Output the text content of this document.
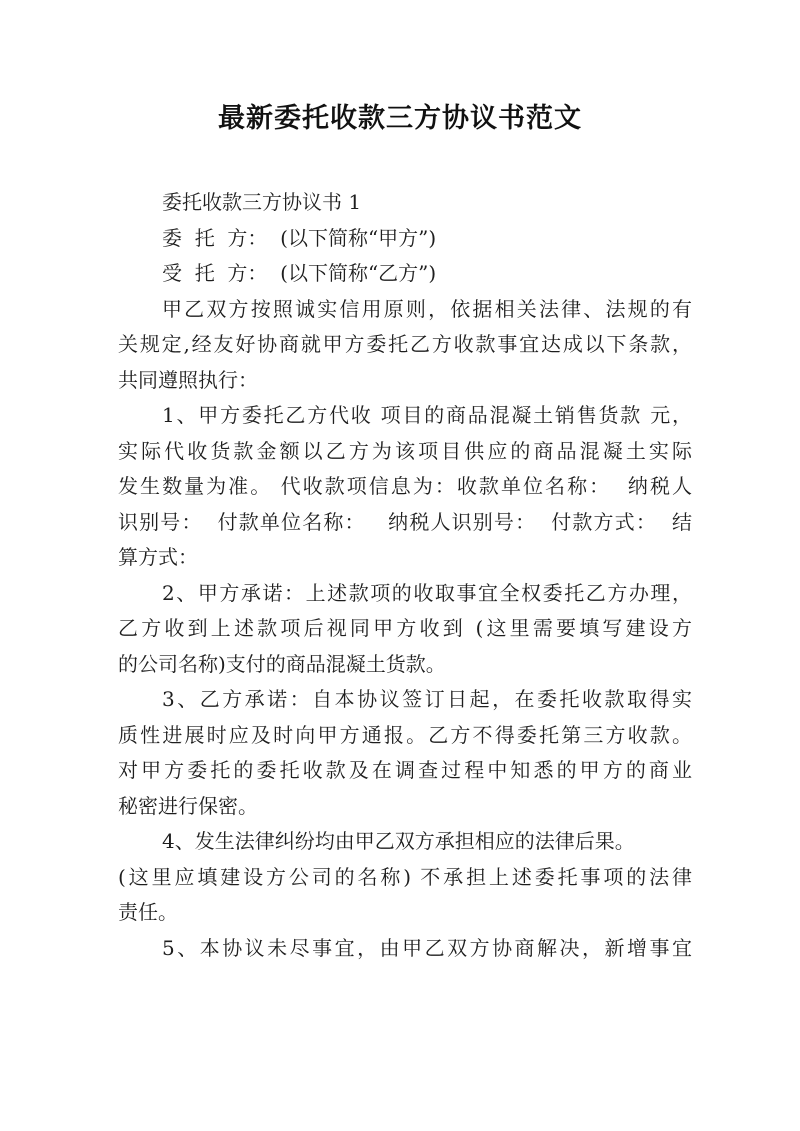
最新委托收款三方协议书范文
委托收款三方协议书 1
委  托  方：  (以下简称“甲方”)
受  托  方：  (以下简称“乙方”)
甲乙双方按照诚实信用原则，依据相关法律、法规的有
关规定,经友好协商就甲方委托乙方收款事宜达成以下条款，
共同遵照执行：
1、甲方委托乙方代收 项目的商品混凝土销售货款 元，
实际代收货款金额以乙方为该项目供应的商品混凝土实际
发生数量为准。 代收款项信息为：收款单位名称：  纳税人
识别号：  付款单位名称：   纳税人识别号：  付款方式：  结
算方式：
2、甲方承诺：上述款项的收取事宜全权委托乙方办理，
乙方收到上述款项后视同甲方收到 (这里需要填写建设方
的公司名称)支付的商品混凝土货款。
3、乙方承诺：自本协议签订日起，在委托收款取得实
质性进展时应及时向甲方通报。乙方不得委托第三方收款。
对甲方委托的委托收款及在调查过程中知悉的甲方的商业
秘密进行保密。
4、发生法律纠纷均由甲乙双方承担相应的法律后果。
(这里应填建设方公司的名称) 不承担上述委托事项的法律
责任。
5、本协议未尽事宜，由甲乙双方协商解决，新增事宜
